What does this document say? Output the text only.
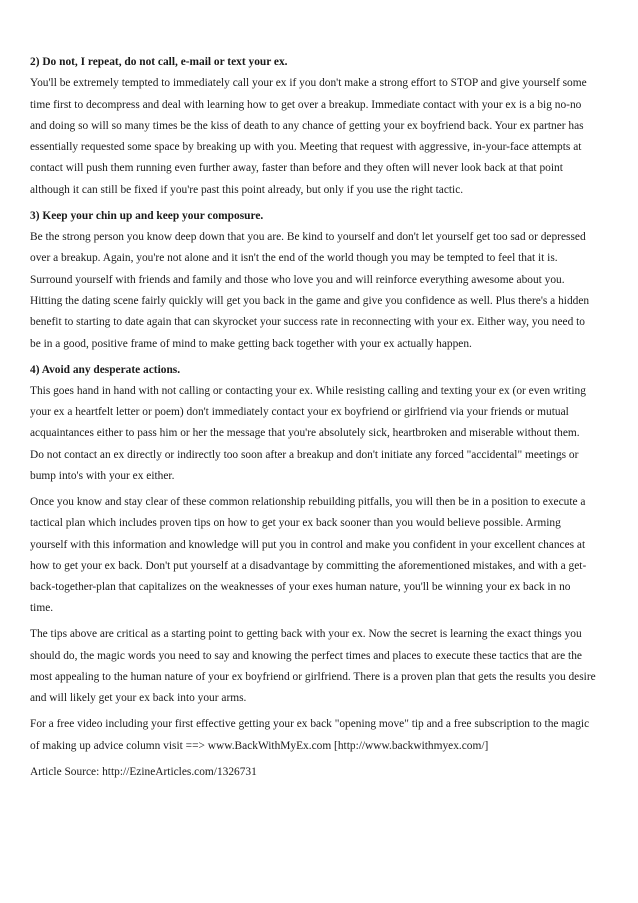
2) Do not, I repeat, do not call, e-mail or text your ex.

You'll be extremely tempted to immediately call your ex if you don't make a strong effort to STOP and give yourself some time first to decompress and deal with learning how to get over a breakup. Immediate contact with your ex is a big no-no and doing so will so many times be the kiss of death to any chance of getting your ex boyfriend back. Your ex partner has essentially requested some space by breaking up with you. Meeting that request with aggressive, in-your-face attempts at contact will push them running even further away, faster than before and they often will never look back at that point although it can still be fixed if you're past this point already, but only if you use the right tactic.

3) Keep your chin up and keep your composure.

Be the strong person you know deep down that you are. Be kind to yourself and don't let yourself get too sad or depressed over a breakup. Again, you're not alone and it isn't the end of the world though you may be tempted to feel that it is. Surround yourself with friends and family and those who love you and will reinforce everything awesome about you. Hitting the dating scene fairly quickly will get you back in the game and give you confidence as well. Plus there's a hidden benefit to starting to date again that can skyrocket your success rate in reconnecting with your ex. Either way, you need to be in a good, positive frame of mind to make getting back together with your ex actually happen.

4) Avoid any desperate actions.

This goes hand in hand with not calling or contacting your ex. While resisting calling and texting your ex (or even writing your ex a heartfelt letter or poem) don't immediately contact your ex boyfriend or girlfriend via your friends or mutual acquaintances either to pass him or her the message that you're absolutely sick, heartbroken and miserable without them. Do not contact an ex directly or indirectly too soon after a breakup and don't initiate any forced "accidental" meetings or bump into's with your ex either.

Once you know and stay clear of these common relationship rebuilding pitfalls, you will then be in a position to execute a tactical plan which includes proven tips on how to get your ex back sooner than you would believe possible. Arming yourself with this information and knowledge will put you in control and make you confident in your excellent chances at how to get your ex back. Don't put yourself at a disadvantage by committing the aforementioned mistakes, and with a get-back-together-plan that capitalizes on the weaknesses of your exes human nature, you'll be winning your ex back in no time.

The tips above are critical as a starting point to getting back with your ex. Now the secret is learning the exact things you should do, the magic words you need to say and knowing the perfect times and places to execute these tactics that are the most appealing to the human nature of your ex boyfriend or girlfriend. There is a proven plan that gets the results you desire and will likely get your ex back into your arms.

For a free video including your first effective getting your ex back "opening move" tip and a free subscription to the magic of making up advice column visit ==> www.BackWithMyEx.com [http://www.backwithmyex.com/]

Article Source: http://EzineArticles.com/1326731
